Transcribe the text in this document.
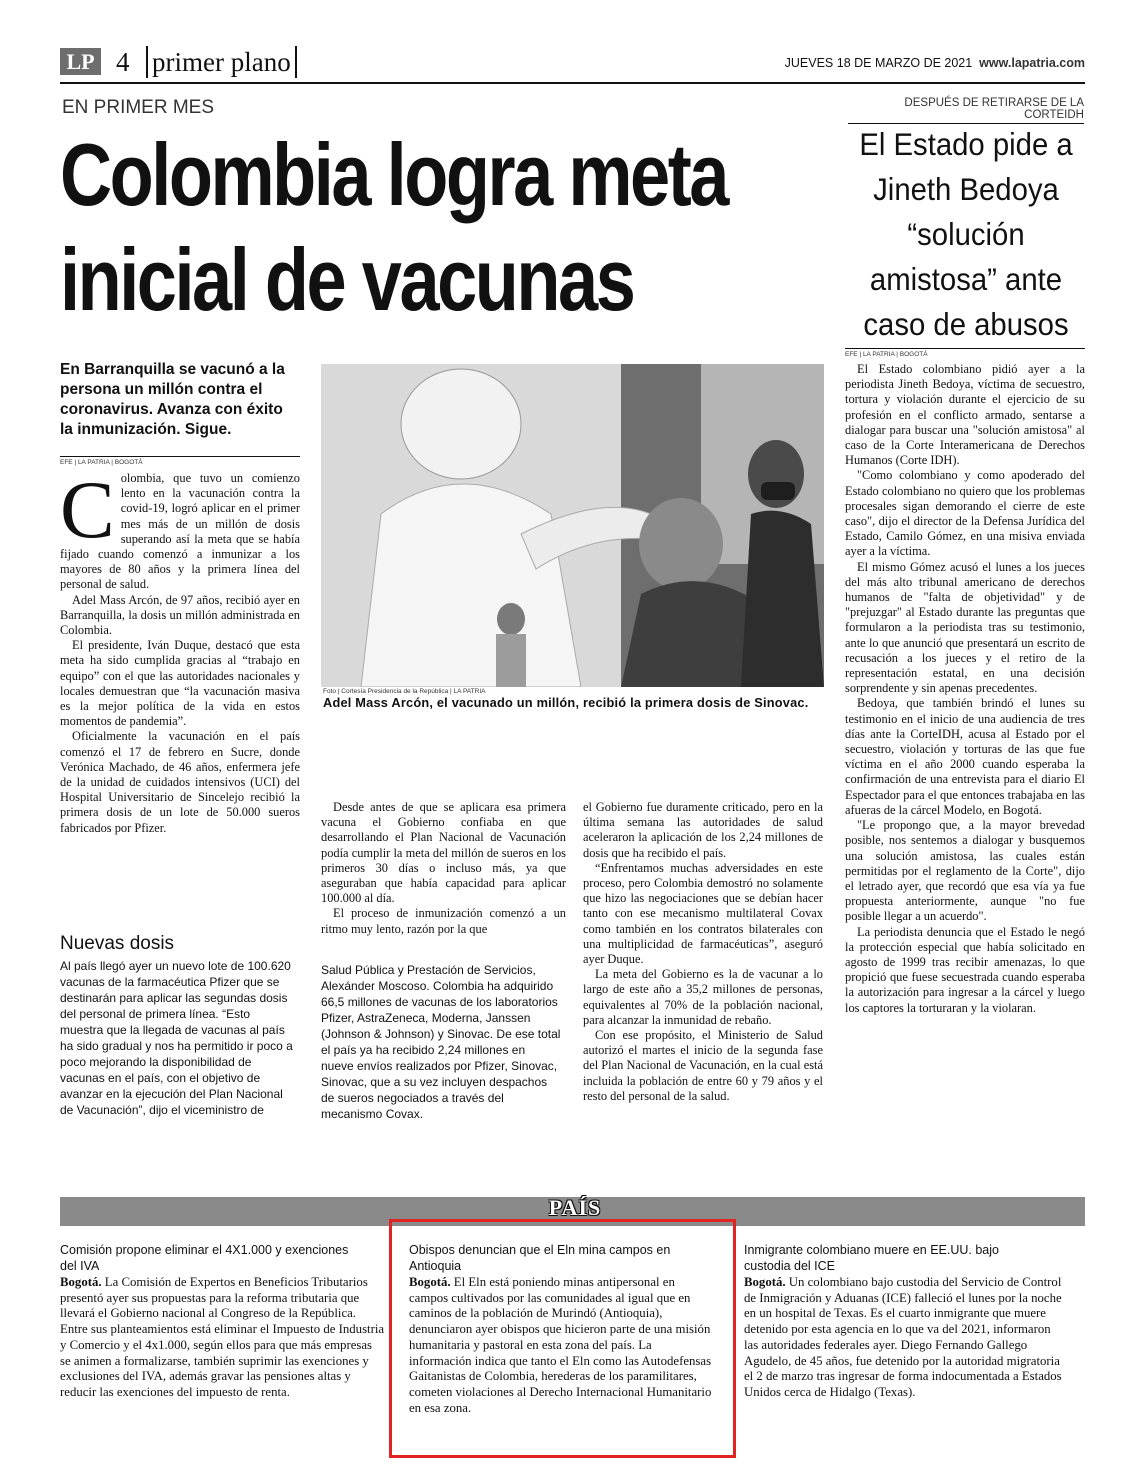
LP 4 primer plano	JUEVES 18 DE MARZO DE 2021 www.lapatria.com
EN PRIMER MES
Colombia logra meta
inicial de vacunas
En Barranquilla se vacunó a la persona un millón contra el coronavirus. Avanza con éxito la inmunización. Sigue.
EFE | LA PATRIA | BOGOTÁ
C olombia, que tuvo un comienzo lento en la vacunación contra la covid-19, logró aplicar en el primer mes más de un millón de dosis superando así la meta que se había fijado cuando comenzó a inmunizar a los mayores de 80 años y la primera línea del personal de salud.

Adel Mass Arcón, de 97 años, recibió ayer en Barranquilla, la dosis un millón administrada en Colombia.

El presidente, Iván Duque, destacó que esta meta ha sido cumplida gracias al “trabajo en equipo” con el que las autoridades nacionales y locales demuestran que “la vacunación masiva es la mejor política de la vida en estos momentos de pandemia”.

Oficialmente la vacunación en el país comenzó el 17 de febrero en Sucre, donde Verónica Machado, de 46 años, enfermera jefe de la unidad de cuidados intensivos (UCI) del Hospital Universitario de Sincelejo recibió la primera dosis de un lote de 50.000 sueros fabricados por Pfizer.

Nuevas dosis
Al país llegó ayer un nuevo lote de 100.620 vacunas de la farmacéutica Pfizer que se destinarán para aplicar las segundas dosis del personal de primera línea. “Esto muestra que la llegada de vacunas al país ha sido gradual y nos ha permitido ir poco a poco mejorando la disponibilidad de vacunas en el país, con el objetivo de avanzar en la ejecución del Plan Nacional de Vacunación”, dijo el viceministro de
Foto | Cortesía Presidencia de la República | LA PATRIA
Adel Mass Arcón, el vacunado un millón, recibió la primera dosis de Sinovac.

Desde antes de que se aplicara esa primera vacuna el Gobierno confiaba en que desarrollando el Plan Nacional de Vacunación podía cumplir la meta del millón de sueros en los primeros 30 días o incluso más, ya que aseguraban que había capacidad para aplicar 100.000 al día.

El proceso de inmunización comenzó a un ritmo muy lento, razón por la que

Salud Pública y Prestación de Servicios, Alexánder Moscoso. Colombia ha adquirido 66,5 millones de vacunas de los laboratorios Pfizer, AstraZeneca, Moderna, Janssen (Johnson & Johnson) y Sinovac. De ese total el país ya ha recibido 2,24 millones en nueve envíos realizados por Pfizer, Sinovac, Sinovac, que a su vez incluyen despachos de sueros negociados a través del mecanismo Covax.

el Gobierno fue duramente criticado, pero en la última semana las autoridades de salud aceleraron la aplicación de los 2,24 millones de dosis que ha recibido el país.

“Enfrentamos muchas adversidades en este proceso, pero Colombia demostró no solamente que hizo las negociaciones que se debían hacer tanto con ese mecanismo multilateral Covax como también en los contratos bilaterales con una multiplicidad de farmacéuticas”, aseguró ayer Duque.

La meta del Gobierno es la de vacunar a lo largo de este año a 35,2 millones de personas, equivalentes al 70% de la población nacional, para alcanzar la inmunidad de rebaño.

Con ese propósito, el Ministerio de Salud autorizó el martes el inicio de la segunda fase del Plan Nacional de Vacunación, en la cual está incluida la población de entre 60 y 79 años y el resto del personal de la salud.

DESPUÉS DE RETIRARSE DE LA CORTEIDH
El Estado pide a Jineth Bedoya “solución amistosa” ante caso de abusos
EFE | LA PATRIA | BOGOTÁ

El Estado colombiano pidió ayer a la periodista Jineth Bedoya, víctima de secuestro, tortura y violación durante el ejercicio de su profesión en el conflicto armado, sentarse a dialogar para buscar una "solución amistosa" al caso de la Corte Interamericana de Derechos Humanos (Corte IDH).

"Como colombiano y como apoderado del Estado colombiano no quiero que los problemas procesales sigan demorando el cierre de este caso", dijo el director de la Defensa Jurídica del Estado, Camilo Gómez, en una misiva enviada ayer a la víctima.

El mismo Gómez acusó el lunes a los jueces del más alto tribunal americano de derechos humanos de "falta de objetividad" y de "prejuzgar" al Estado durante las preguntas que formularon a la periodista tras su testimonio, ante lo que anunció que presentará un escrito de recusación a los jueces y el retiro de la representación estatal, en una decisión sorprendente y sin apenas precedentes.

Bedoya, que también brindó el lunes su testimonio en el inicio de una audiencia de tres días ante la CorteIDH, acusa al Estado por el secuestro, violación y torturas de las que fue víctima en el año 2000 cuando esperaba la confirmación de una entrevista para el diario El Espectador para el que entonces trabajaba en las afueras de la cárcel Modelo, en Bogotá.

"Le propongo que, a la mayor brevedad posible, nos sentemos a dialogar y busquemos una solución amistosa, las cuales están permitidas por el reglamento de la Corte", dijo el letrado ayer, que recordó que esa vía ya fue propuesta anteriormente, aunque "no fue posible llegar a un acuerdo".

La periodista denuncia que el Estado le negó la protección especial que había solicitado en agosto de 1999 tras recibir amenazas, lo que propició que fuese secuestrada cuando esperaba la autorización para ingresar a la cárcel y luego los captores la torturaran y la violaran.

PAÍS
Comisión propone eliminar el 4X1.000 y exenciones del IVA
Bogotá. La Comisión de Expertos en Beneficios Tributarios presentó ayer sus propuestas para la reforma tributaria que llevará el Gobierno nacional al Congreso de la República. Entre sus planteamientos está eliminar el Impuesto de Industria y Comercio y el 4x1.000, según ellos para que más empresas se animen a formalizarse, también suprimir las exenciones y exclusiones del IVA, además gravar las pensiones altas y reducir las exenciones del impuesto de renta.
Obispos denuncian que el Eln mina campos en Antioquia
Bogotá. El Eln está poniendo minas antipersonal en campos cultivados por las comunidades al igual que en caminos de la población de Murindó (Antioquia), denunciaron ayer obispos que hicieron parte de una misión humanitaria y pastoral en esta zona del país. La información indica que tanto el Eln como las Autodefensas Gaitanistas de Colombia, herederas de los paramilitares, cometen violaciones al Derecho Internacional Humanitario en esa zona.
Inmigrante colombiano muere en EE.UU. bajo custodia del ICE
Bogotá. Un colombiano bajo custodia del Servicio de Control de Inmigración y Aduanas (ICE) falleció el lunes por la noche en un hospital de Texas. Es el cuarto inmigrante que muere detenido por esta agencia en lo que va del 2021, informaron las autoridades federales ayer. Diego Fernando Gallego Agudelo, de 45 años, fue detenido por la autoridad migratoria el 2 de marzo tras ingresar de forma indocumentada a Estados Unidos cerca de Hidalgo (Texas).
